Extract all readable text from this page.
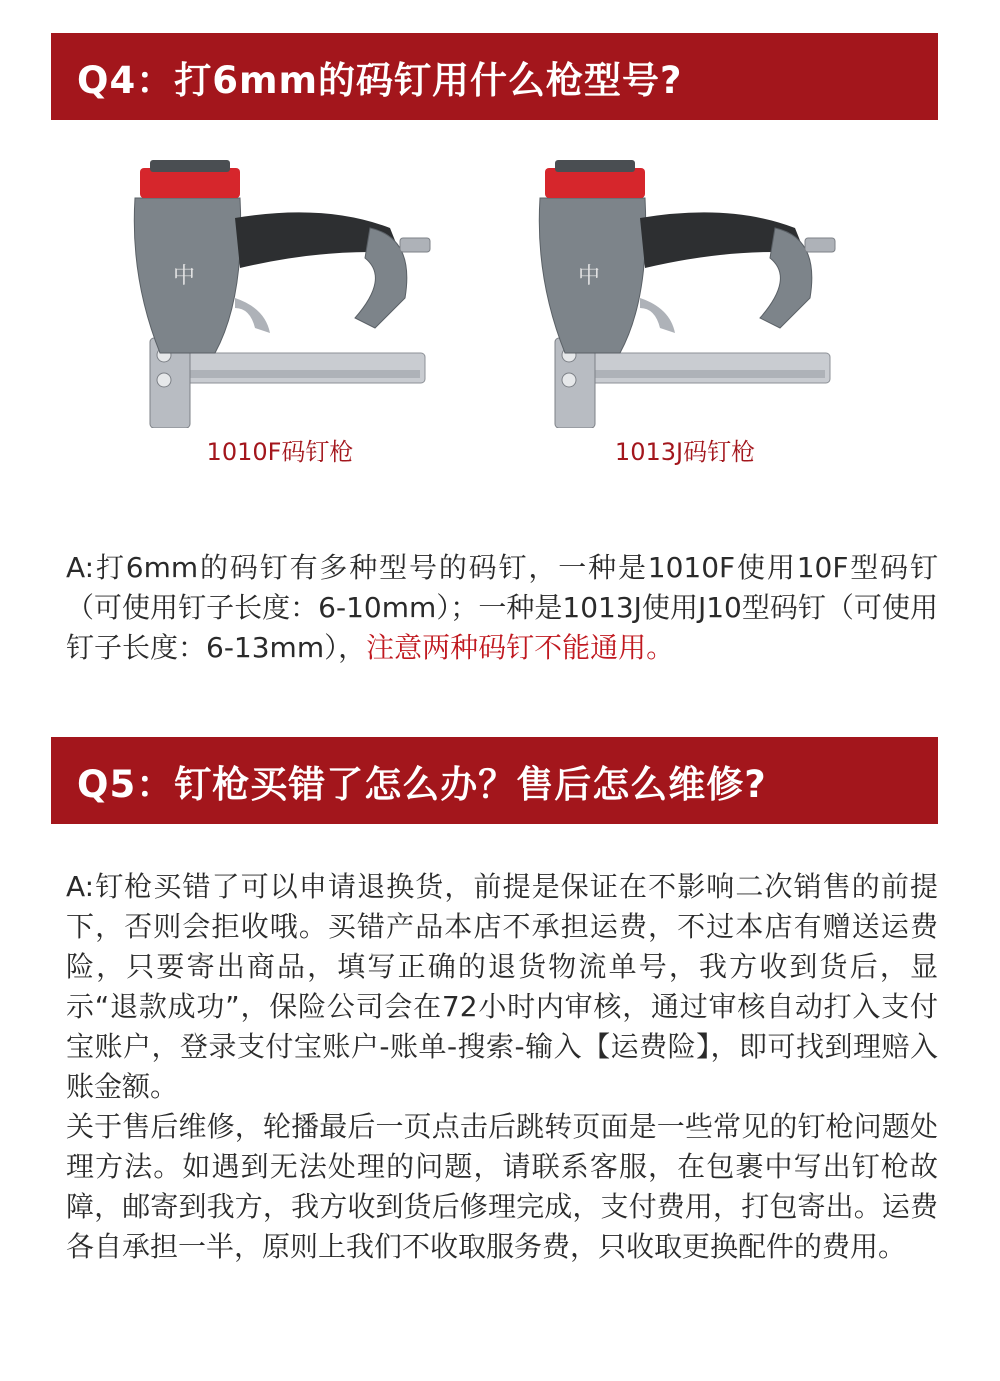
Q4：打6mm的码钉用什么枪型号?
中
1010F码钉枪
中
1013J码钉枪

A:打6mm的码钉有多种型号的码钉，一种是1010F使用10F型码钉（可使用钉子长度：6-10mm）；一种是1013J使用J10型码钉（可使用钉子长度：6-13mm），注意两种码钉不能通用。

Q5：钉枪买错了怎么办？售后怎么维修?

A:钉枪买错了可以申请退换货，前提是保证在不影响二次销售的前提下，否则会拒收哦。买错产品本店不承担运费，不过本店有赠送运费险，只要寄出商品，填写正确的退货物流单号，我方收到货后，显示“退款成功”，保险公司会在72小时内审核，通过审核自动打入支付宝账户，登录支付宝账户-账单-搜索-输入【运费险】，即可找到理赔入账金额。

关于售后维修，轮播最后一页点击后跳转页面是一些常见的钉枪问题处理方法。如遇到无法处理的问题，请联系客服，在包裹中写出钉枪故障，邮寄到我方，我方收到货后修理完成，支付费用，打包寄出。运费各自承担一半，原则上我们不收取服务费，只收取更换配件的费用。
